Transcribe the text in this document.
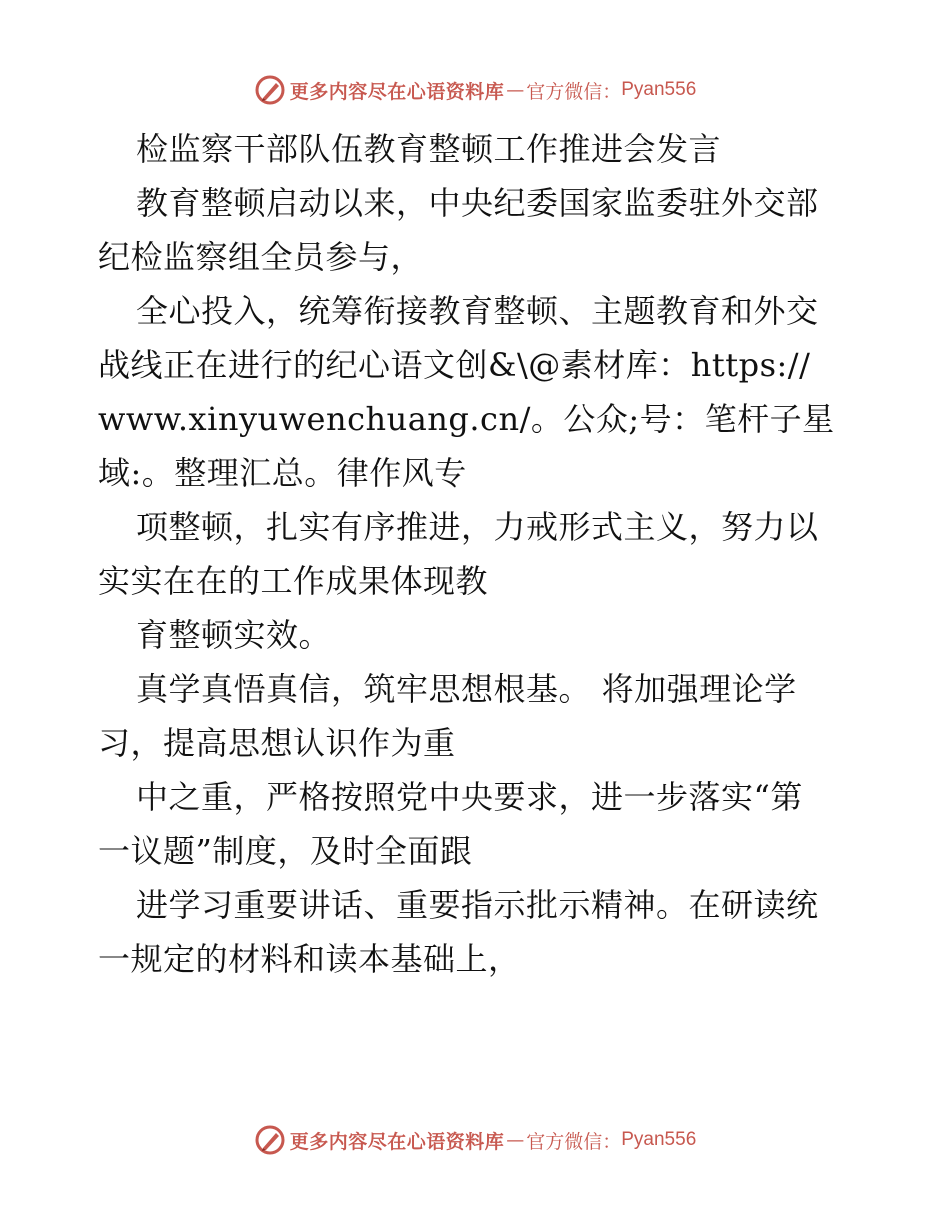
更多内容尽在心语资料库 — 官方微信： Pyan556
检监察干部队伍教育整顿工作推进会发言
教育整顿启动以来，中央纪委国家监委驻外交部
纪检监察组全员参与，
全心投入，统筹衔接教育整顿、主题教育和外交
战线正在进行的纪心语文创&\@素材库：https://
www.xinyuwenchuang.cn/。公众;号：笔杆子星
域:。整理汇总。律作风专
项整顿，扎实有序推进，力戒形式主义，努力以
实实在在的工作成果体现教
育整顿实效。
真学真悟真信，筑牢思想根基。 将加强理论学
习，提高思想认识作为重
中之重，严格按照党中央要求，进一步落实“第
一议题”制度，及时全面跟
进学习重要讲话、重要指示批示精神。在研读统
一规定的材料和读本基础上，
更多内容尽在心语资料库 — 官方微信： Pyan556
